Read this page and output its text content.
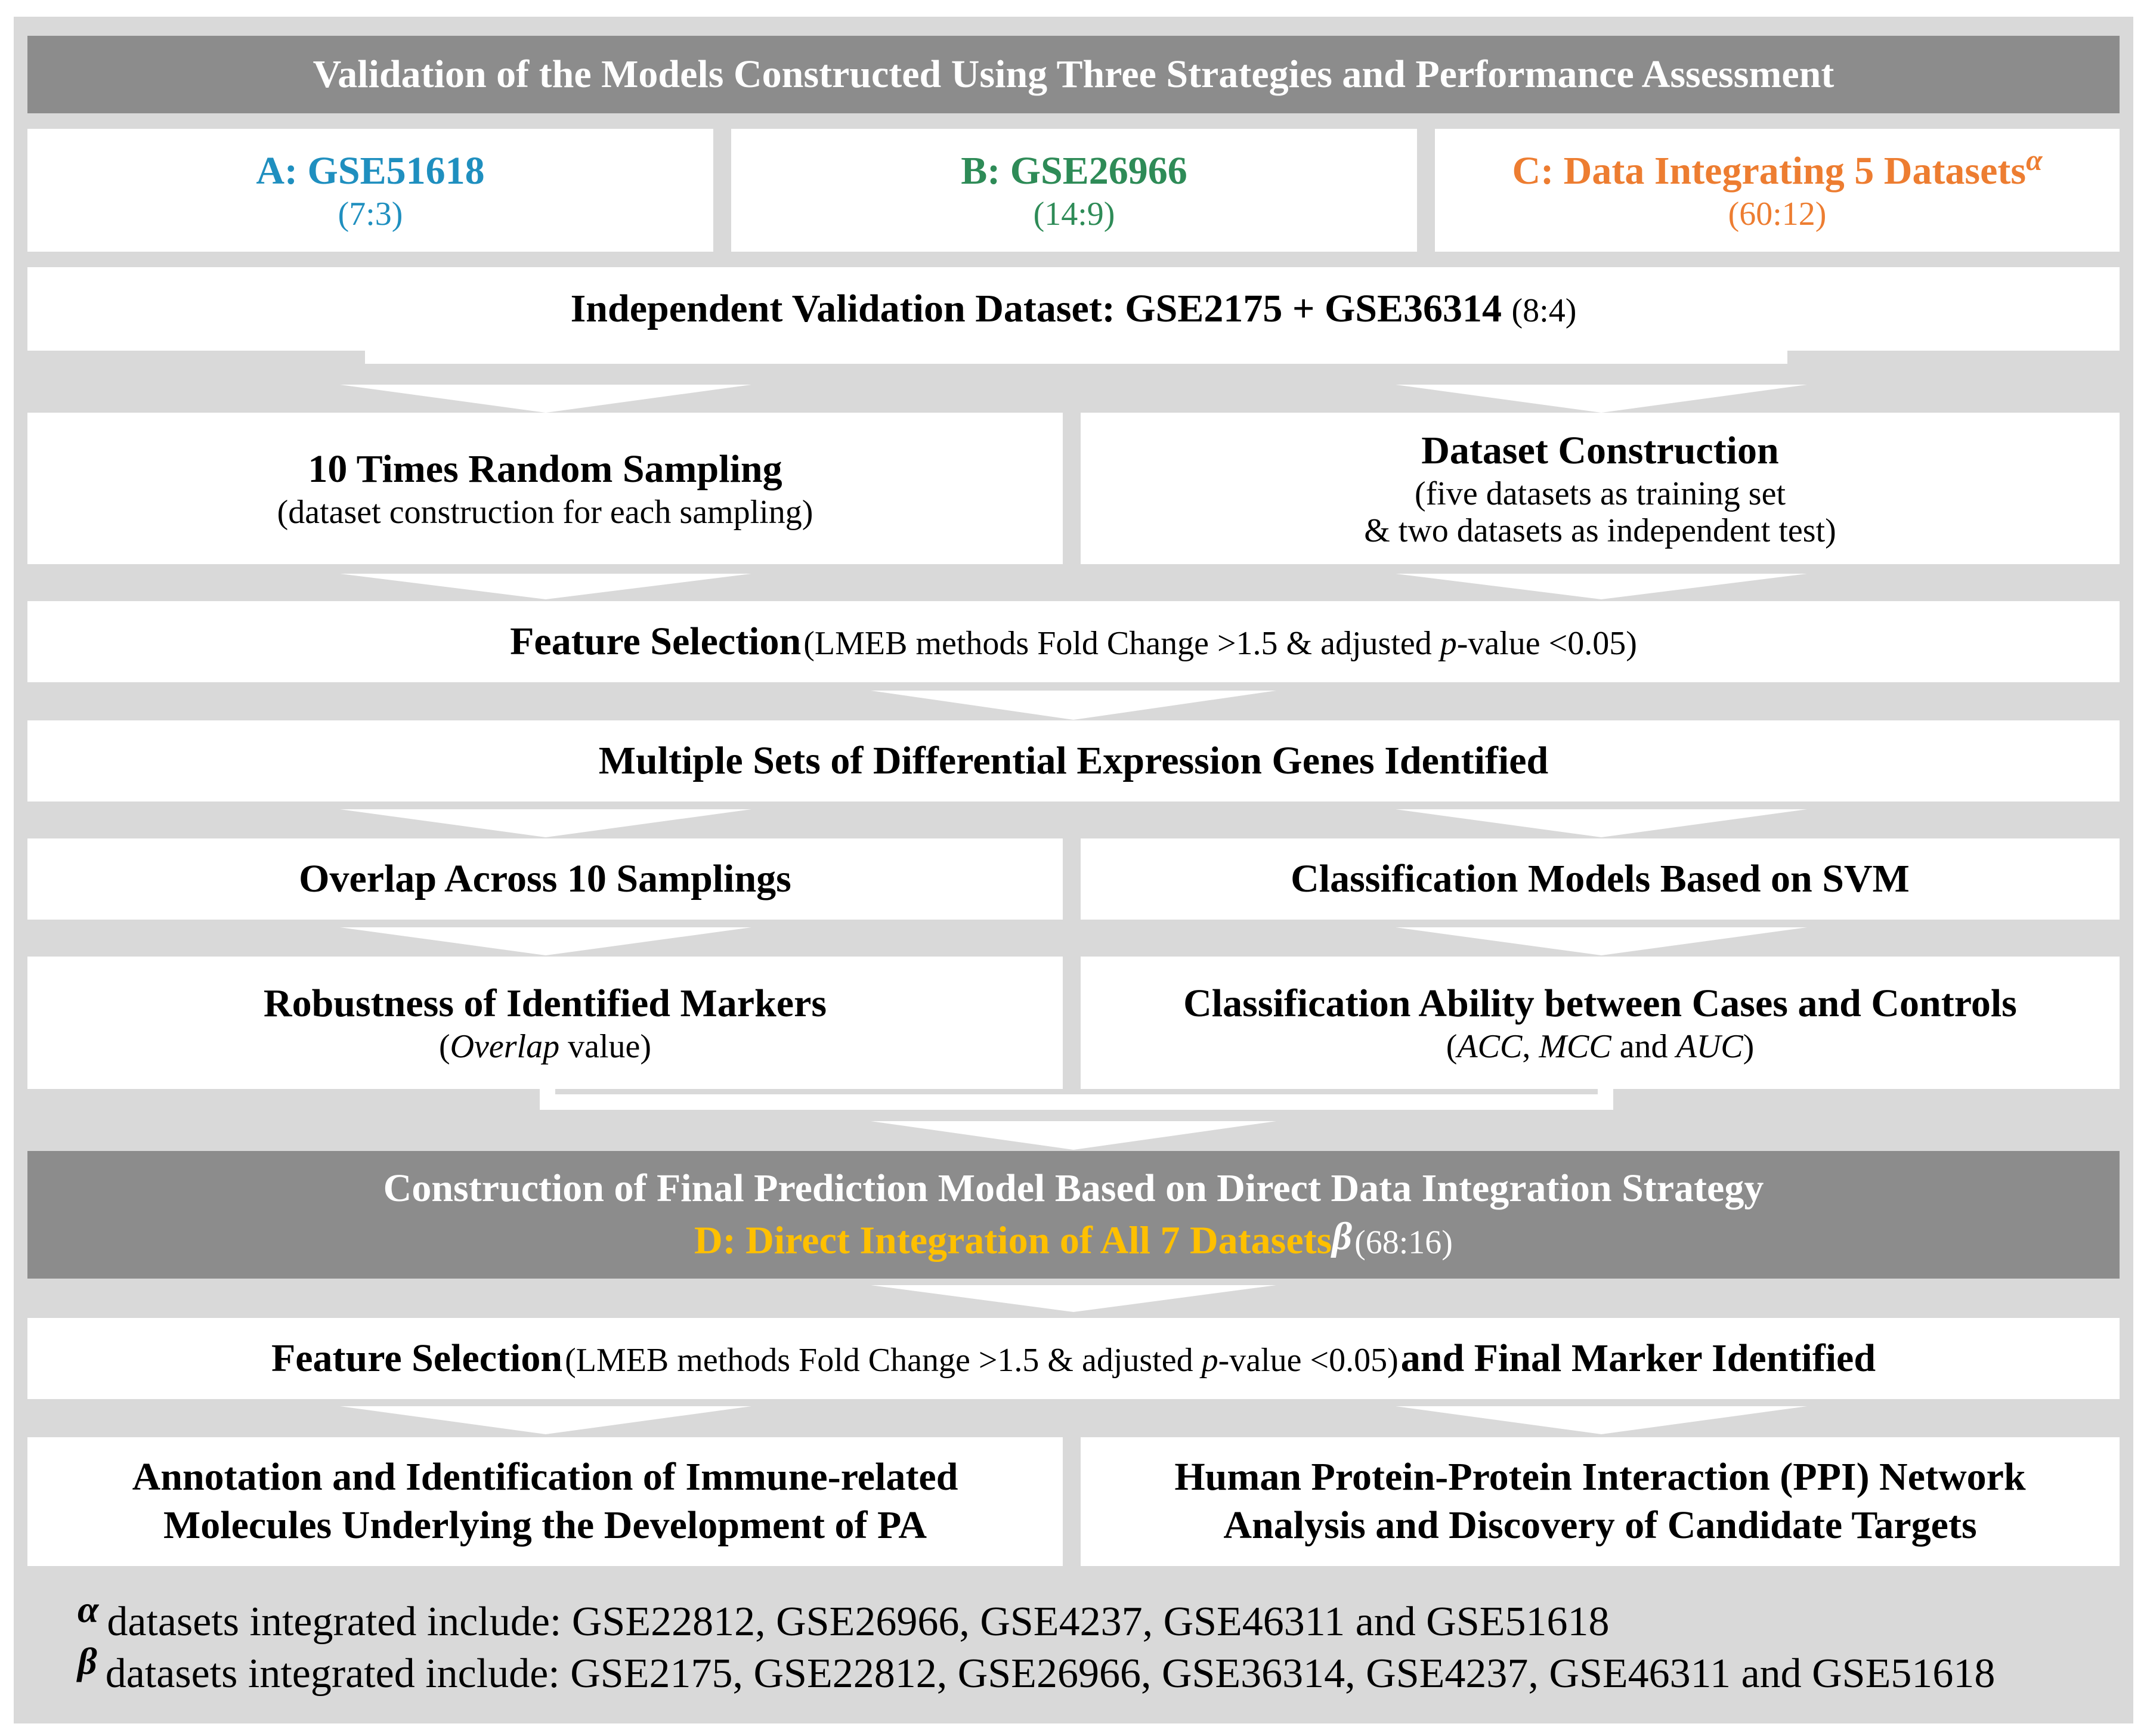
Validation of the Models Constructed Using Three Strategies and Performance Assessment
A: GSE51618
(7:3)
B: GSE26966
(14:9)
C: Data Integrating 5 Datasets$^\alpha$
(60:12)
Independent Validation Dataset: GSE2175 + GSE36314 (8:4)
10 Times Random Sampling
(dataset construction for each sampling)
Dataset Construction
(five datasets as training set
& two datasets as independent test)
Feature Selection (LMEB methods Fold Change >1.5 & adjusted p-value <0.05)
Multiple Sets of Differential Expression Genes Identified
Overlap Across 10 Samplings	Classification Models Based on SVM
Robustness of Identified Markers
(Overlap value)
Classification Ability between Cases and Controls
(ACC, MCC and AUC)
Construction of Final Prediction Model Based on Direct Data Integration Strategy
D: Direct Integration of All 7 Datasets$^\beta$ (68:16)
Feature Selection (LMEB methods Fold Change >1.5 & adjusted p-value <0.05) and Final Marker Identified
Annotation and Identification of Immune-related
Molecules Underlying the Development of PA
Human Protein-Protein Interaction (PPI) Network
Analysis and Discovery of Candidate Targets
α datasets integrated include: GSE22812, GSE26966, GSE4237, GSE46311 and GSE51618
β datasets integrated include: GSE2175, GSE22812, GSE26966, GSE36314, GSE4237, GSE46311 and GSE51618
